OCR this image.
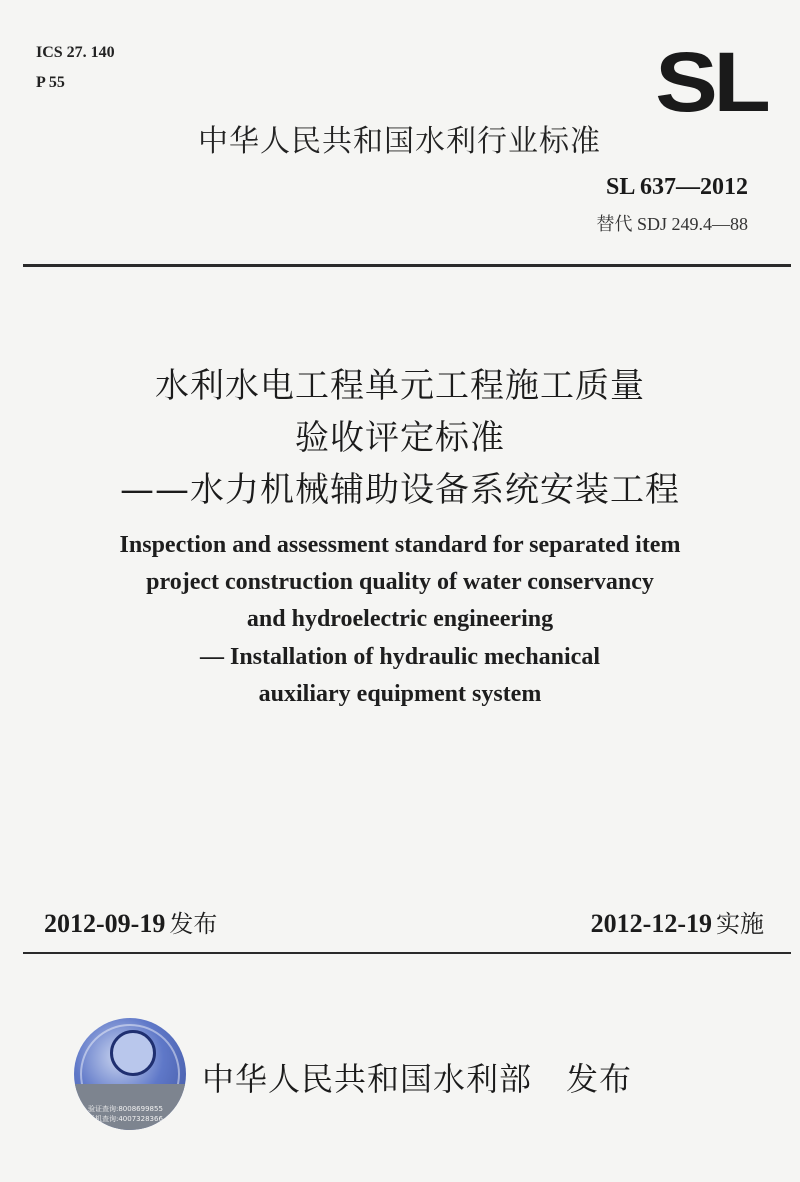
ICS 27. 140
P 55	SL
中华人民共和国水利行业标准
SL 637—2012
替代 SDJ 249.4—88
水利水电工程单元工程施工质量
验收评定标准
——水力机械辅助设备系统安装工程
Inspection and assessment standard for separated item
project construction quality of water conservancy
and hydroelectric engineering
— Installation of hydraulic mechanical
auxiliary equipment system
2012-09-19 发布	2012-12-19 实施
验证查询:8008699855
手机查询:4007328366
中华人民共和国水利部 发布
